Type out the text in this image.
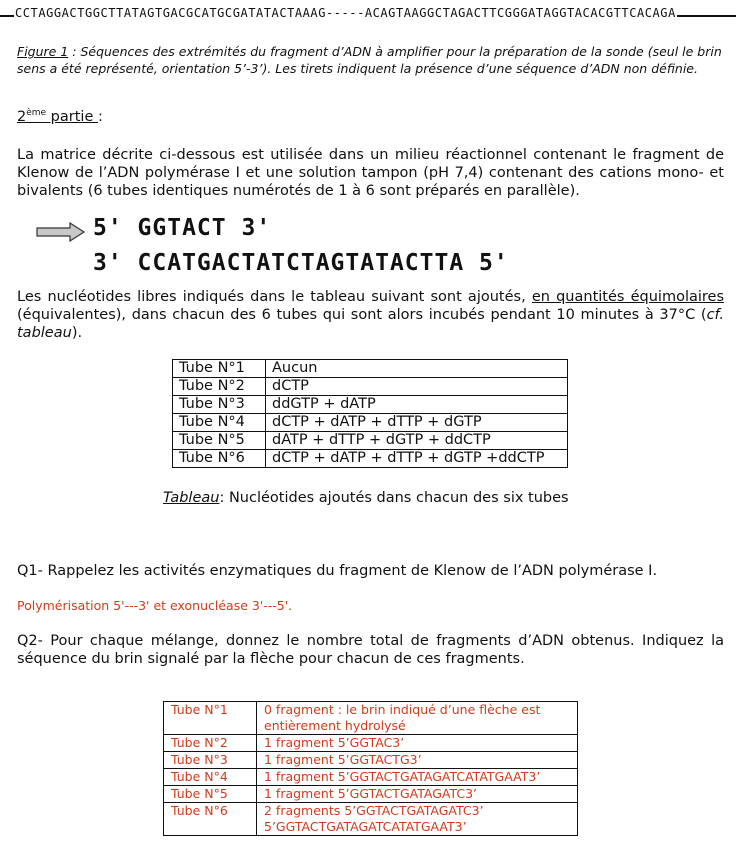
CCTAGGACTGGCTTATAGTGACGCATGCGATATACTAAAG-----ACAGTAAGGCTAGACTTCGGGATAGGTACACGTTCACAGA
Figure 1 : Séquences des extrémités du fragment d’ADN à amplifier pour la préparation de la sonde (seul le brin sens a été représenté, orientation 5’-3’). Les tirets indiquent la présence d’une séquence d’ADN non définie.
2ème partie :
La matrice décrite ci-dessous est utilisée dans un milieu réactionnel contenant le fragment de Klenow de l’ADN polymérase I et une solution tampon (pH 7,4) contenant des cations mono- et bivalents (6 tubes identiques numérotés de 1 à 6 sont préparés en parallèle).
5' GGTACT 3'
3' CCATGACTATCTAGTATACTTA 5'
Les nucléotides libres indiqués dans le tableau suivant sont ajoutés, en quantités équimolaires (équivalentes), dans chacun des 6 tubes qui sont alors incubés pendant 10 minutes à 37°C (cf. tableau).
Tube N°1	Aucun
Tube N°2	dCTP
Tube N°3	ddGTP + dATP
Tube N°4	dCTP + dATP + dTTP + dGTP
Tube N°5	dATP + dTTP + dGTP + ddCTP
Tube N°6	dCTP + dATP + dTTP + dGTP +ddCTP
Tableau: Nucléotides ajoutés dans chacun des six tubes
Q1- Rappelez les activités enzymatiques du fragment de Klenow de l’ADN polymérase I.
Polymérisation 5'---3' et exonucléase 3'---5'.
Q2- Pour chaque mélange, donnez le nombre total de fragments d’ADN obtenus. Indiquez la séquence du brin signalé par la flèche pour chacun de ces fragments.
Tube N°1	0 fragment : le brin indiqué d’une flèche est
entièrement hydrolysé

Tube N°2	1 fragment 5’GGTAC3’
Tube N°3	1 fragment 5’GGTACTG3’
Tube N°4	1 fragment 5’GGTACTGATAGATCATATGAAT3’
Tube N°5	1 fragment 5’GGTACTGATAGATC3’
Tube N°6	2 fragments 5’GGTACTGATAGATC3’
5’GGTACTGATAGATCATATGAAT3’
